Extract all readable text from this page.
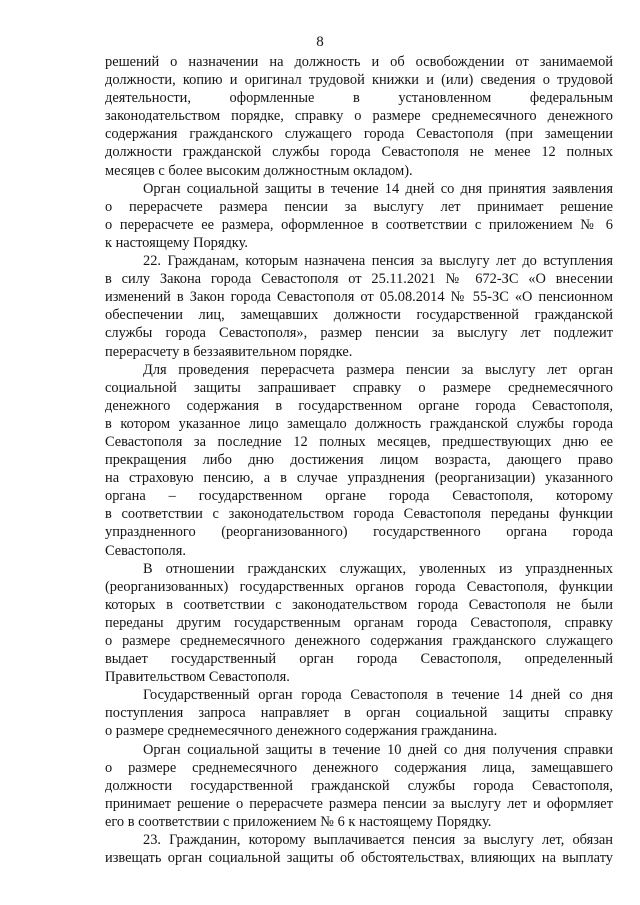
8
решений о назначении на должность и об освобождении от занимаемой
должности, копию и оригинал трудовой книжки и (или) сведения о трудовой
деятельности, оформленные в установленном федеральным
законодательством порядке, справку о размере среднемесячного денежного
содержания гражданского служащего города Севастополя (при замещении
должности гражданской службы города Севастополя не менее 12 полных
месяцев с более высоким должностным окладом).
Орган социальной защиты в течение 14 дней со дня принятия заявления
о перерасчете размера пенсии за выслугу лет принимает решение
о перерасчете ее размера, оформленное в соответствии с приложением № 6
к настоящему Порядку.
22. Гражданам, которым назначена пенсия за выслугу лет до вступления
в силу Закона города Севастополя от 25.11.2021 № 672-ЗС «О внесении
изменений в Закон города Севастополя от 05.08.2014 № 55-ЗС «О пенсионном
обеспечении лиц, замещавших должности государственной гражданской
службы города Севастополя», размер пенсии за выслугу лет подлежит
перерасчету в беззаявительном порядке.
Для проведения перерасчета размера пенсии за выслугу лет орган
социальной защиты запрашивает справку о размере среднемесячного
денежного содержания в государственном органе города Севастополя,
в котором указанное лицо замещало должность гражданской службы города
Севастополя за последние 12 полных месяцев, предшествующих дню ее
прекращения либо дню достижения лицом возраста, дающего право
на страховую пенсию, а в случае упразднения (реорганизации) указанного
органа – государственном органе города Севастополя, которому
в соответствии с законодательством города Севастополя переданы функции
упраздненного (реорганизованного) государственного органа города
Севастополя.
В отношении гражданских служащих, уволенных из упраздненных
(реорганизованных) государственных органов города Севастополя, функции
которых в соответствии с законодательством города Севастополя не были
переданы другим государственным органам города Севастополя, справку
о размере среднемесячного денежного содержания гражданского служащего
выдает государственный орган города Севастополя, определенный
Правительством Севастополя.
Государственный орган города Севастополя в течение 14 дней со дня
поступления запроса направляет в орган социальной защиты справку
о размере среднемесячного денежного содержания гражданина.
Орган социальной защиты в течение 10 дней со дня получения справки
о размере среднемесячного денежного содержания лица, замещавшего
должности государственной гражданской службы города Севастополя,
принимает решение о перерасчете размера пенсии за выслугу лет и оформляет
его в соответствии с приложением № 6 к настоящему Порядку.
23. Гражданин, которому выплачивается пенсия за выслугу лет, обязан
извещать орган социальной защиты об обстоятельствах, влияющих на выплату
